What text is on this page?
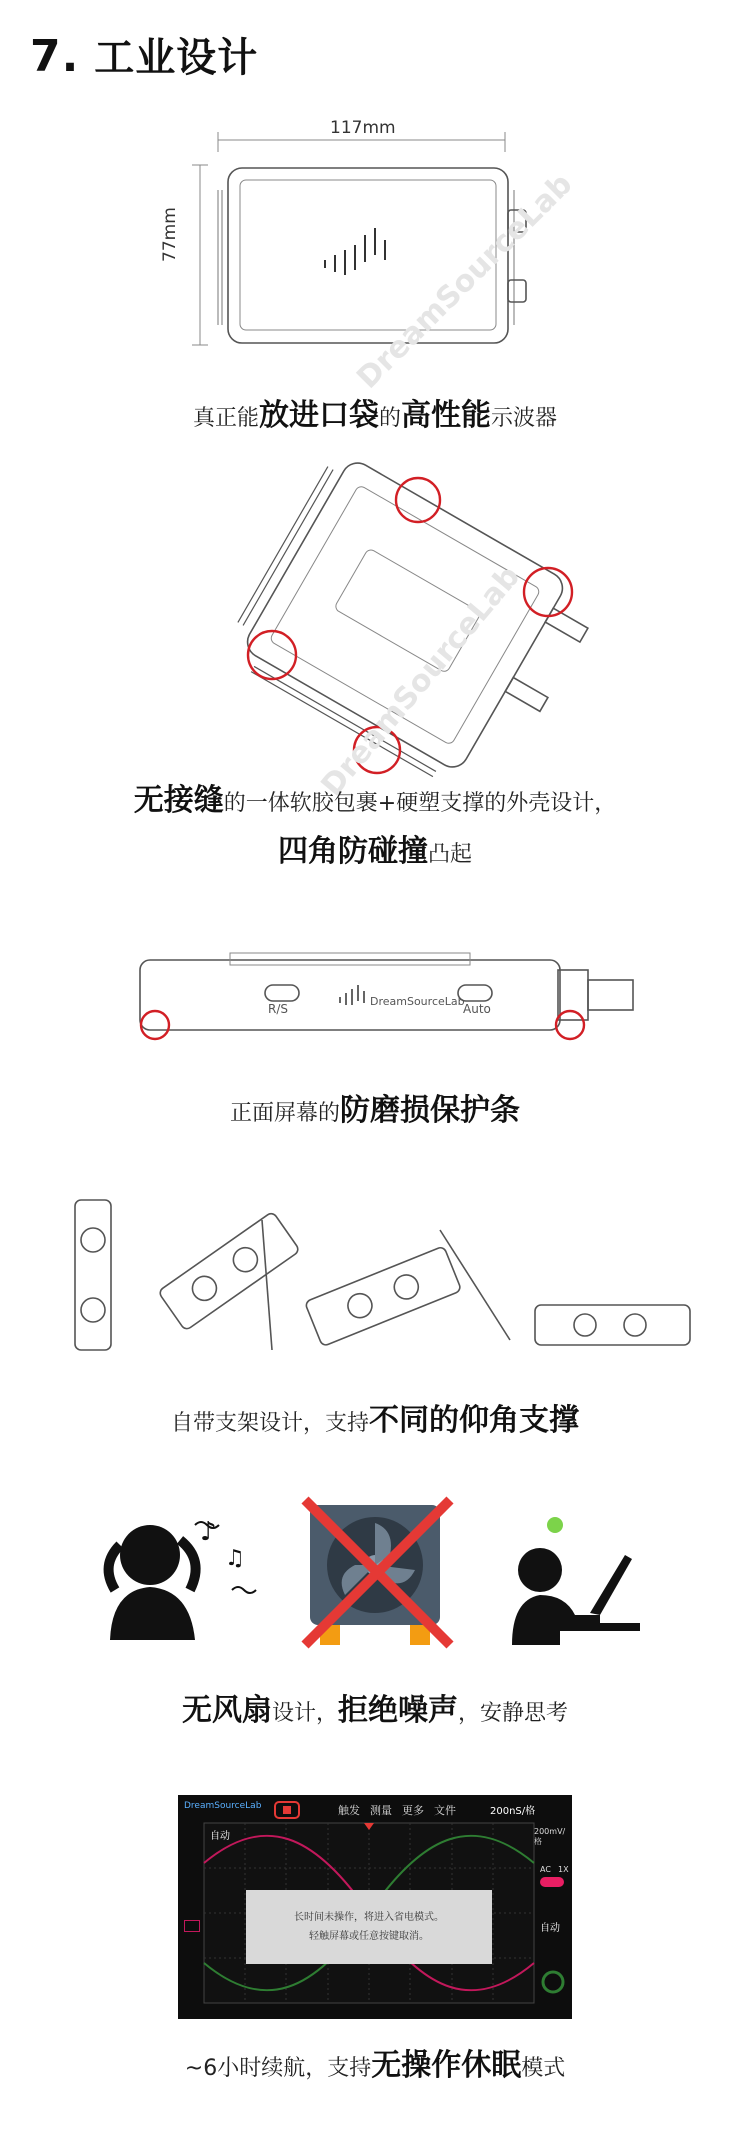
7. 工业设计
DreamSourceLab
117mm
77mm
真正能放进口袋的高性能示波器
DreamSourceLab
无接缝的一体软胶包裹+硬塑支撑的外壳设计，
四角防碰撞凸起
R/S	Auto
DreamSourceLab
正面屏幕的防磨损保护条
自带支架设计，支持不同的仰角支撑
♪
♫
无风扇设计，拒绝噪声，安静思考
DreamSourceLab	触发 测量 更多 文件	200nS/格
自动
长时间未操作，将进入省电模式。
轻触屏幕或任意按键取消。
200mV/格
AC 1X
自动
~6小时续航，支持无操作休眠模式
